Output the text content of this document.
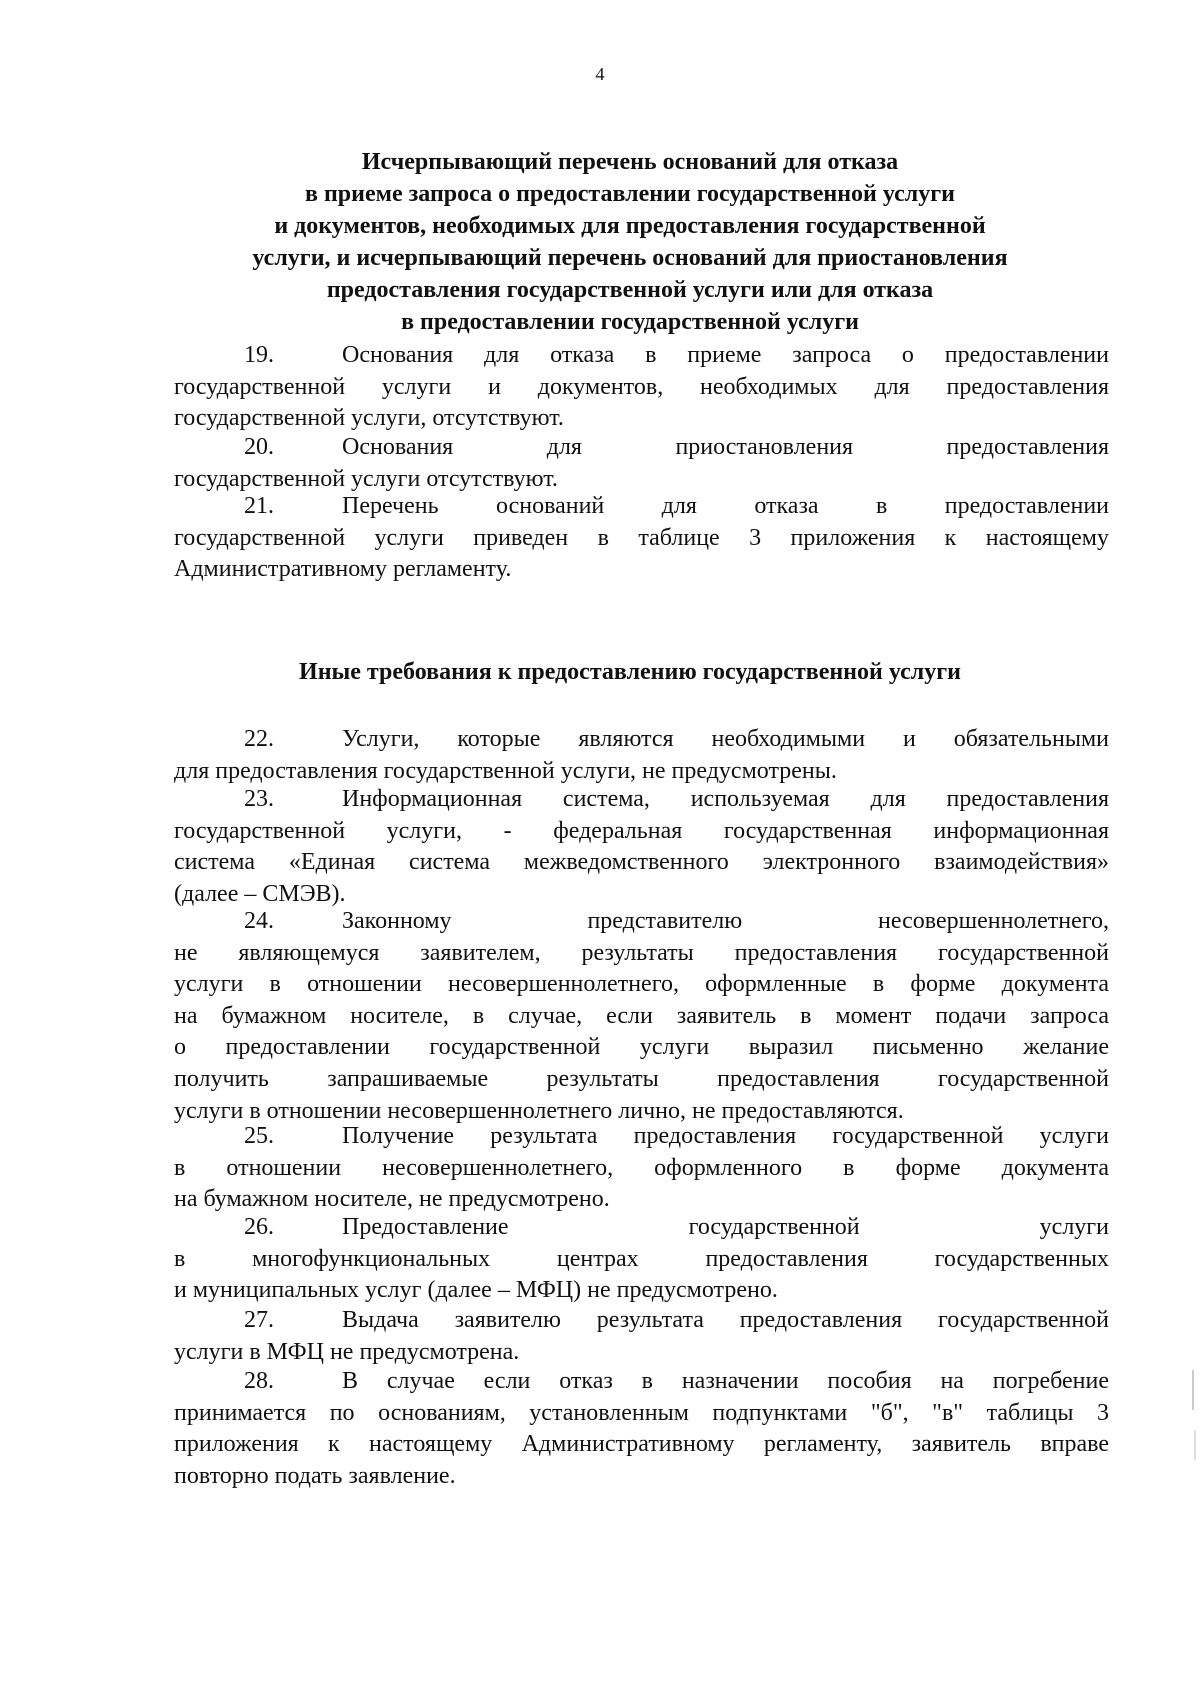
4
Исчерпывающий перечень оснований для отказа
в приеме запроса о предоставлении государственной услуги
и документов, необходимых для предоставления государственной
услуги, и исчерпывающий перечень оснований для приостановления
предоставления государственной услуги или для отказа
в предоставлении государственной услуги
19.	Основания для отказа в приеме запроса о предоставлении
государственной услуги и документов, необходимых для предоставления
государственной услуги, отсутствуют.
20.	Основания для приостановления предоставления
государственной услуги отсутствуют.
21.	Перечень оснований для отказа в предоставлении
государственной услуги приведен в таблице 3 приложения к настоящему
Административному регламенту.
Иные требования к предоставлению государственной услуги
22.	Услуги, которые являются необходимыми и обязательными
для предоставления государственной услуги, не предусмотрены.
23.	Информационная система, используемая для предоставления
государственной услуги, - федеральная государственная информационная
система «Единая система межведомственного электронного взаимодействия»
(далее – СМЭВ).
24.	Законному представителю несовершеннолетнего,
не являющемуся заявителем, результаты предоставления государственной
услуги в отношении несовершеннолетнего, оформленные в форме документа
на бумажном носителе, в случае, если заявитель в момент подачи запроса
о предоставлении государственной услуги выразил письменно желание
получить запрашиваемые результаты предоставления государственной
услуги в отношении несовершеннолетнего лично, не предоставляются.
25.	Получение результата предоставления государственной услуги
в отношении несовершеннолетнего, оформленного в форме документа
на бумажном носителе, не предусмотрено.
26.	Предоставление государственной услуги
в многофункциональных центрах предоставления государственных
и муниципальных услуг (далее – МФЦ) не предусмотрено.
27.	Выдача заявителю результата предоставления государственной
услуги в МФЦ не предусмотрена.
28.	В случае если отказ в назначении пособия на погребение
принимается по основаниям, установленным подпунктами "б", "в" таблицы 3
приложения к настоящему Административному регламенту, заявитель вправе
повторно подать заявление.
